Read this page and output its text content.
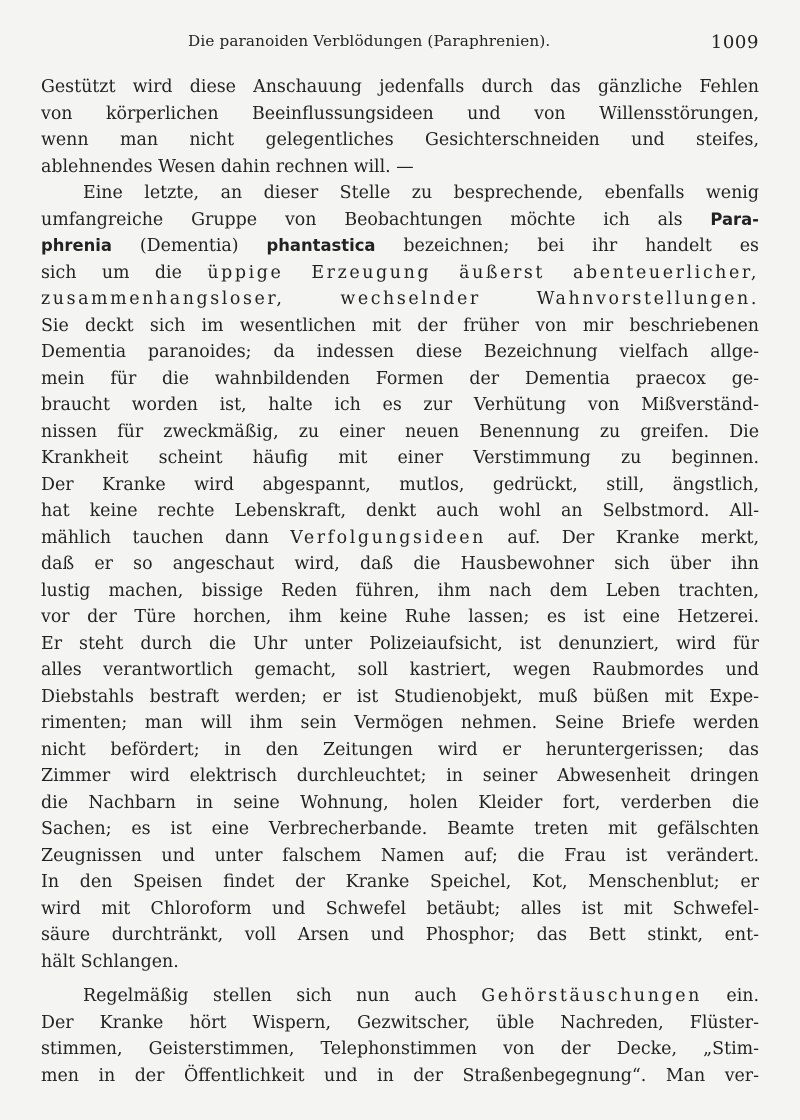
Die paranoiden Verblödungen (Paraphrenien).	1009
Gestützt wird diese Anschauung jedenfalls durch das gänzliche Fehlen
von körperlichen Beeinflussungsideen und von Willensstörungen,
wenn man nicht gelegentliches Gesichterschneiden und steifes,
ablehnendes Wesen dahin rechnen will. —
Eine letzte, an dieser Stelle zu besprechende, ebenfalls wenig
umfangreiche Gruppe von Beobachtungen möchte ich als Para-
phrenia (Dementia) phantastica bezeichnen; bei ihr handelt es
sich um die üppige Erzeugung äußerst abenteuerlicher,
zusammenhangsloser, wechselnder Wahnvorstellungen.
Sie deckt sich im wesentlichen mit der früher von mir beschriebenen
Dementia paranoides; da indessen diese Bezeichnung vielfach allge-
mein für die wahnbildenden Formen der Dementia praecox ge-
braucht worden ist, halte ich es zur Verhütung von Mißverständ-
nissen für zweckmäßig, zu einer neuen Benennung zu greifen. Die
Krankheit scheint häufig mit einer Verstimmung zu beginnen.
Der Kranke wird abgespannt, mutlos, gedrückt, still, ängstlich,
hat keine rechte Lebenskraft, denkt auch wohl an Selbstmord. All-
mählich tauchen dann Verfolgungsideen auf. Der Kranke merkt,
daß er so angeschaut wird, daß die Hausbewohner sich über ihn
lustig machen, bissige Reden führen, ihm nach dem Leben trachten,
vor der Türe horchen, ihm keine Ruhe lassen; es ist eine Hetzerei.
Er steht durch die Uhr unter Polizeiaufsicht, ist denunziert, wird für
alles verantwortlich gemacht, soll kastriert, wegen Raubmordes und
Diebstahls bestraft werden; er ist Studienobjekt, muß büßen mit Expe-
rimenten; man will ihm sein Vermögen nehmen. Seine Briefe werden
nicht befördert; in den Zeitungen wird er heruntergerissen; das
Zimmer wird elektrisch durchleuchtet; in seiner Abwesenheit dringen
die Nachbarn in seine Wohnung, holen Kleider fort, verderben die
Sachen; es ist eine Verbrecherbande. Beamte treten mit gefälschten
Zeugnissen und unter falschem Namen auf; die Frau ist verändert.
In den Speisen findet der Kranke Speichel, Kot, Menschenblut; er
wird mit Chloroform und Schwefel betäubt; alles ist mit Schwefel-
säure durchtränkt, voll Arsen und Phosphor; das Bett stinkt, ent-
hält Schlangen.
Regelmäßig stellen sich nun auch Gehörstäuschungen ein.
Der Kranke hört Wispern, Gezwitscher, üble Nachreden, Flüster-
stimmen, Geisterstimmen, Telephonstimmen von der Decke, „Stim-
men in der Öffentlichkeit und in der Straßenbegegnung“. Man ver-
